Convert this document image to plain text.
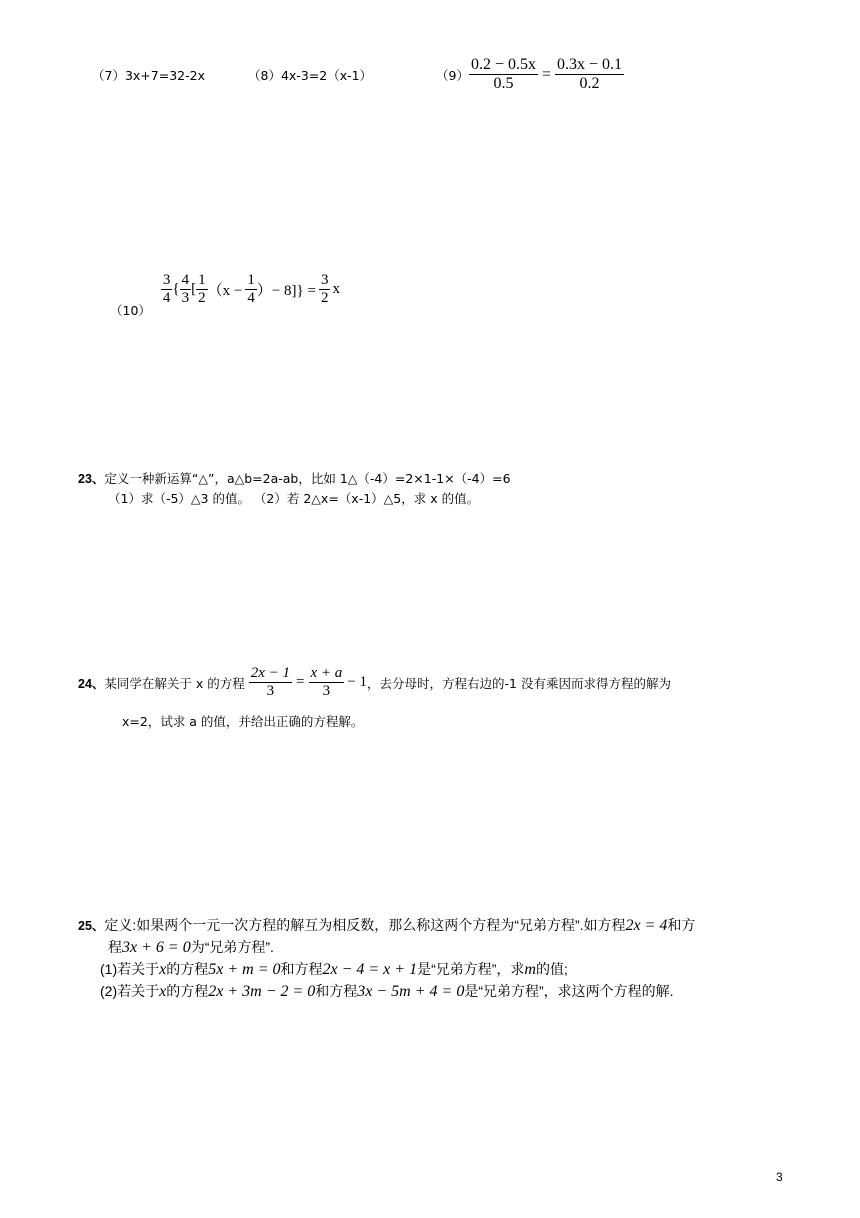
（7）3x+7=32-2x	（8）4x-3=2（x-1）	$(9) \frac{0.2 - 0.5x}{0.5} = \frac{0.3x - 0.1}{0.2}$
（10）
$\frac{3}{4}$ { $\frac{4}{3}$ [ $\frac{1}{2} (x - \frac{1}{4}$ ）− $8]\} = \frac{3}{2}$ x
23、定义一种新运算“△”，a△b=2a-ab，比如 1△（-4）=2×1-1×（-4）=6
（1）求（-5）△3 的值。 （2）若 2△x=（x-1）△5，求 x 的值。
24、 某同学在解关于 x 的方程 $\frac{2x - 1}{3} = \frac{x + a}{3} - 1$ ，去分母时，方程右边的-1 没有乘因而求得方程的解为
x=2，试求 a 的值，并给出正确的方程解。
25、定义:如果两个一元一次方程的解互为相反数，那么称这两个方程为“兄弟方程”.如方程2x = 4和方
程3x + 6 = 0为“兄弟方程”.
(1)若关于x的方程5x + m = 0和方程2x − 4 = x + 1是“兄弟方程”，求m的值;
(2)若关于x的方程2x + 3m − 2 = 0和方程3x − 5m + 4 = 0是“兄弟方程”，求这两个方程的解.
3
